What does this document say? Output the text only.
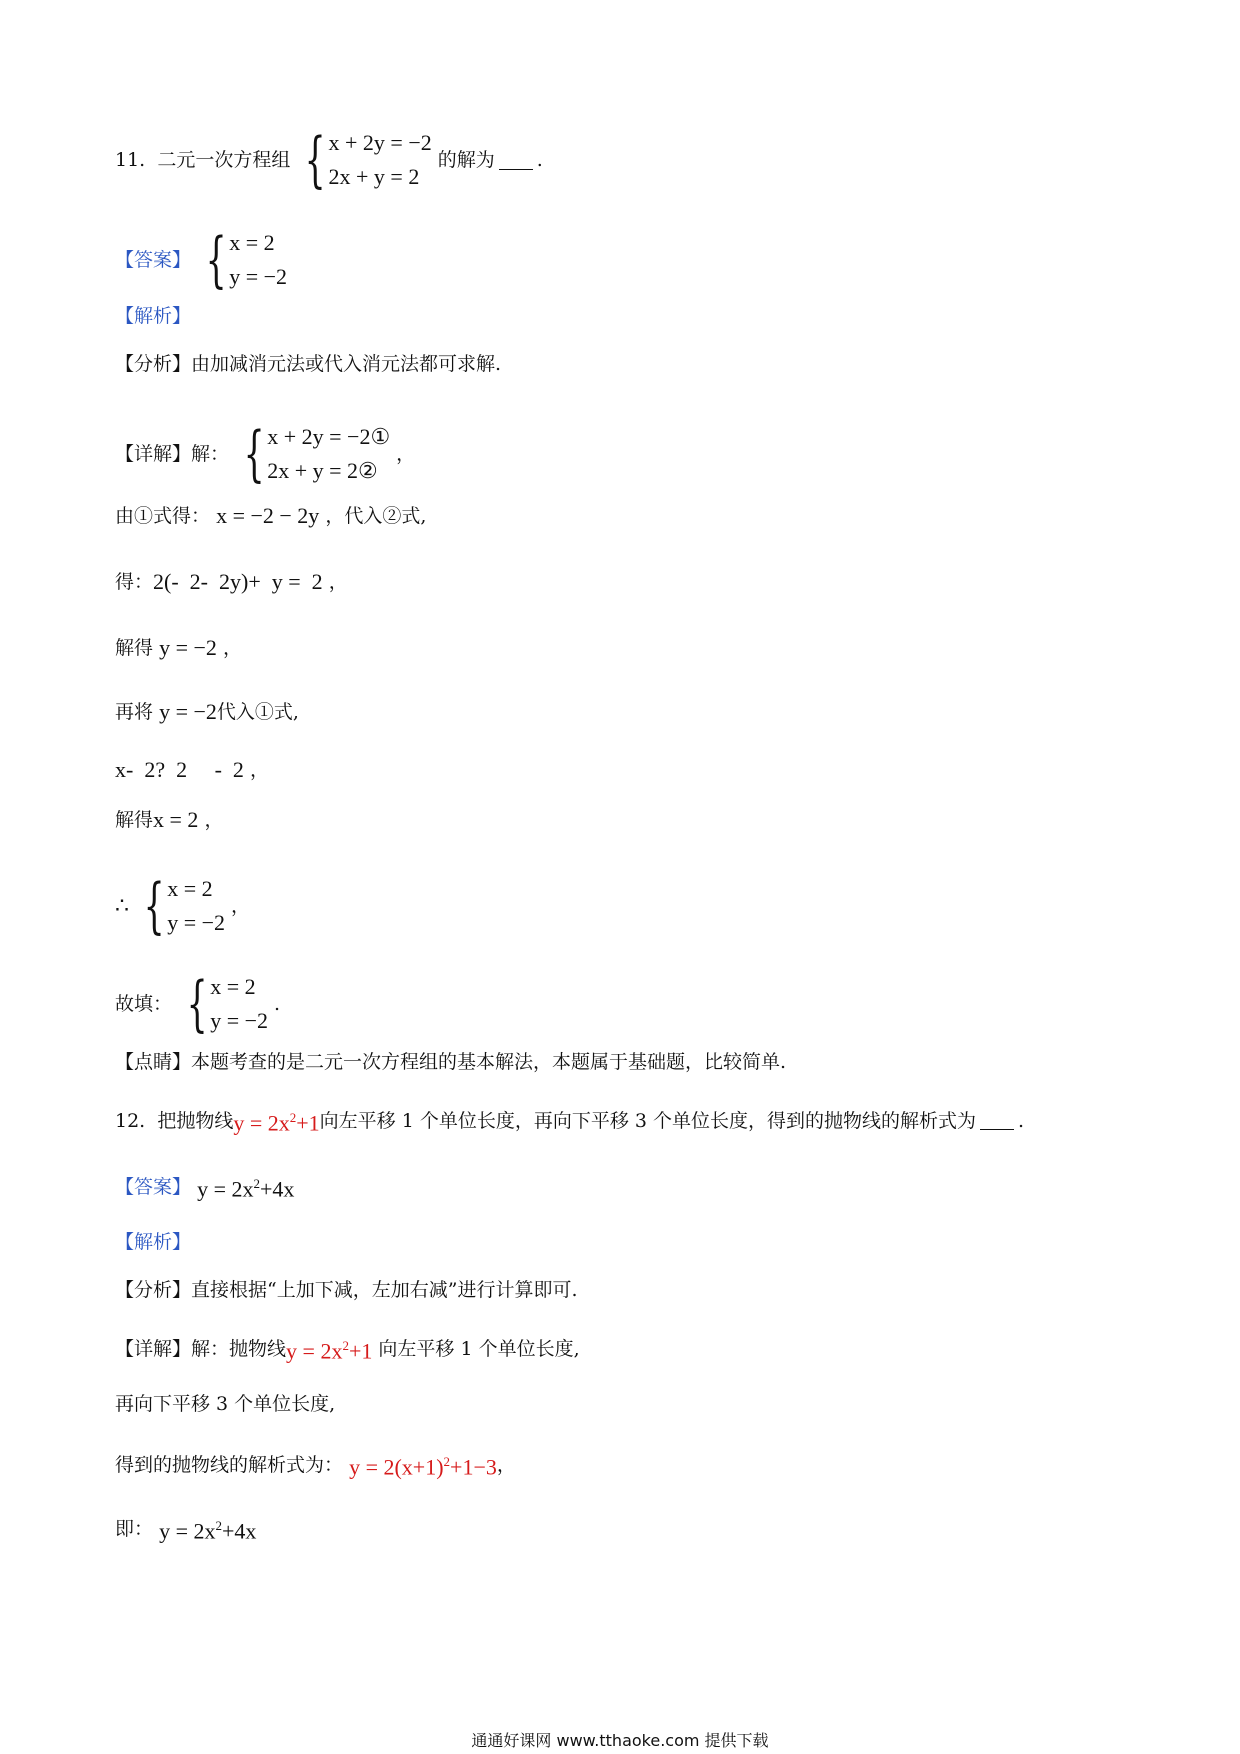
11.
二元一次方程组 { x + 2y = −2
2x + y = 2
的解为 .
【答案】 { x = 2
y = −2
【解析】
【分析】 由加减消元法或代入消元法都可求解.
【详解】 解： { x + 2y = −2①
2x + y = 2②
，
由①式得：
x = −2 − 2y
，代入②式,
得： 2(-  2-  2y)+  y =  2
，
解得
y = −2
，
再将
y = −2 代入①式,
x-  2?  2     -  2
，
解得 x = 2
，
∴ { x = 2
y = −2
，
故填： { x = 2
y = −2
.
【点睛】 本题考查的是二元一次方程组的基本解法，本题属于基础题，比较简单.
12.
把抛物线 $y = 2x^2+1$ 向左平移 1 个单位长度，再向下平移 3 个单位长度，得到的抛物线的解析式为 .
【答案】
$y = 2x^2+4x$
【解析】
【分析】 直接根据“上加下减，左加右减”进行计算即可.
【详解】 解：抛物线 $y = 2x^2+1$
向左平移 1 个单位长度,
再向下平移 3 个单位长度,
得到的抛物线的解析式为：
$y = 2(x+1)^2+1-3$ ，
即：
$y = 2x^2+4x$
通通好课网 www.tthaoke.com 提供下载
